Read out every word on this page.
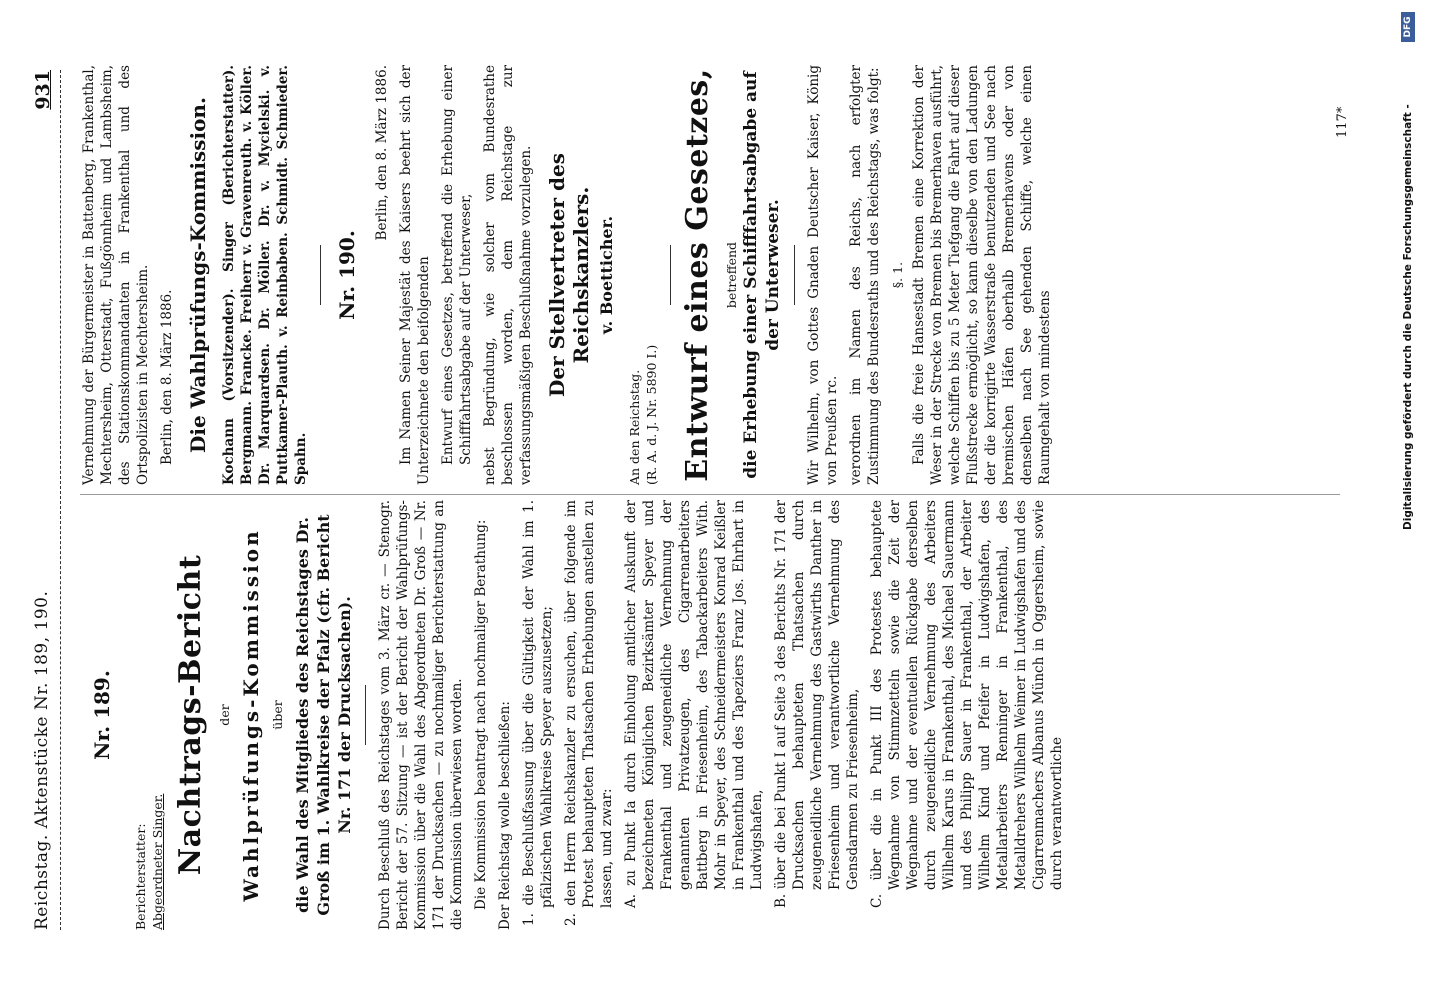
Reichstag. Aktenstücke Nr. 189, 190.
931
Nr. 189.
Berichterstatter: Abgeordneter Singer. Nachtrags-Bericht der Wahlprüfungs-Kommission über die Wahl des Mitgliedes des Reichstages Dr. Groß im 1. Wahlkreise der Pfalz (cfr. Bericht Nr. 171 der Drucksachen). Durch Beschluß des Reichstages vom 3. März cr. — Stenogr. Bericht der 57. Sitzung — ist der Bericht der Wahlprüfungs-Kommission über die Wahl des Abgeordneten Dr. Groß — Nr. 171 der Drucksachen — zu nochmaliger Berichterstattung an die Kommission überwiesen worden. Die Kommission beantragt nach nochmaliger Berathung: Der Reichstag wolle beschließen: 1. die Beschlußfassung über die Gültigkeit der Wahl im 1. pfälzischen Wahlkreise Speyer auszusetzen; 2. den Herrn Reichskanzler zu ersuchen, über folgende im Protest behaupteten Thatsachen Erhebungen anstellen zu lassen, und zwar: A. zu Punkt Ia durch Einholung amtlicher Auskunft der bezeichneten Königlichen Bezirksämter Speyer und Frankenthal und zeugeneidliche Vernehmung der genannten Privatzeugen, des Cigarrenarbeiters Battberg in Friesenheim, des Tabackarbeiters With. Mohr in Speyer, des Schneidermeisters Konrad Keißler in Frankenthal und des Tapeziers Franz Jos. Ehrhart in Ludwigshafen, B. über die bei Punkt I auf Seite 3 des Berichts Nr. 171 der Drucksachen behaupteten Thatsachen durch zeugeneidliche Vernehmung des Gastwirths Danther in Friesenheim und verantwortliche Vernehmung des Gensdarmen zu Friesenheim, C. über die in Punkt III des Protestes behauptete Wegnahme von Stimmzetteln sowie die Zeit der Wegnahme und der eventuellen Rückgabe derselben durch zeugeneidliche Vernehmung des Arbeiters Wilhelm Karus in Frankenthal, des Michael Sauermann und des Philipp Sauer in Frankenthal, der Arbeiter Wilhelm Kind und Pfeifer in Ludwigshafen, des Metallarbeiters Renninger in Frankenthal, des Metalldrehers Wilhelm Weimer in Ludwigshafen und des Cigarrenmachers Albanus Münch in Oggersheim, sowie durch verantwortliche
Vernehmung der Bürgermeister in Battenberg, Frankenthal, Mechtersheim, Otterstadt, Fußgönnheim und Lambsheim, des Stationskommandanten in Frankenthal und des Ortspolizisten in Mechtersheim. Berlin, den 8. März 1886. Die Wahlprüfungs-Kommission. Kochann (Vorsitzender). Singer (Berichterstatter). Bergmann. Francke. Freiherr v. Gravenreuth. v. Köller. Dr. Marquardsen. Dr. Möller. Dr. v. Mycielski. v. Puttkamer-Plauth. v. Reinbaben. Schmidt. Schmieder. Spahn.
Nr. 190.
Berlin, den 8. März 1886. Im Namen Seiner Majestät des Kaisers beehrt sich der Unterzeichnete den beifolgenden Entwurf eines Gesetzes, betreffend die Erhebung einer Schifffahrtsabgabe auf der Unterweser, nebst Begründung, wie solcher vom Bundesrathe beschlossen worden, dem Reichstage zur verfassungsmäßigen Beschlußnahme vorzulegen. Der Stellvertreter des Reichskanzlers. v. Boetticher.
An den Reichstag. (R. A. d. J. Nr. 5890 I.) Entwurf eines Gesetzes, betreffend die Erhebung einer Schifffahrtsabgabe auf der Unterweser. Wir Wilhelm, von Gottes Gnaden Deutscher Kaiser, König von Preußen rc. verordnen im Namen des Reichs, nach erfolgter Zustimmung des Bundesraths und des Reichstags, was folgt: §. 1. Falls die freie Hansestadt Bremen eine Korrektion der Weser in der Strecke von Bremen bis Bremerhaven ausführt, welche Schiffen bis zu 5 Meter Tiefgang die Fahrt auf dieser Flußstrecke ermöglicht, so kann dieselbe von den Ladungen der die korrigirte Wasserstraße benutzenden und See nach bremischen Häfen oberhalb Bremerhavens oder von denselben nach See gehenden Schiffe, welche einen Raumgehalt von mindestens
117*	Digitalisierung gefördert durch die Deutsche Forschungsgemeinschaft -
DFG
